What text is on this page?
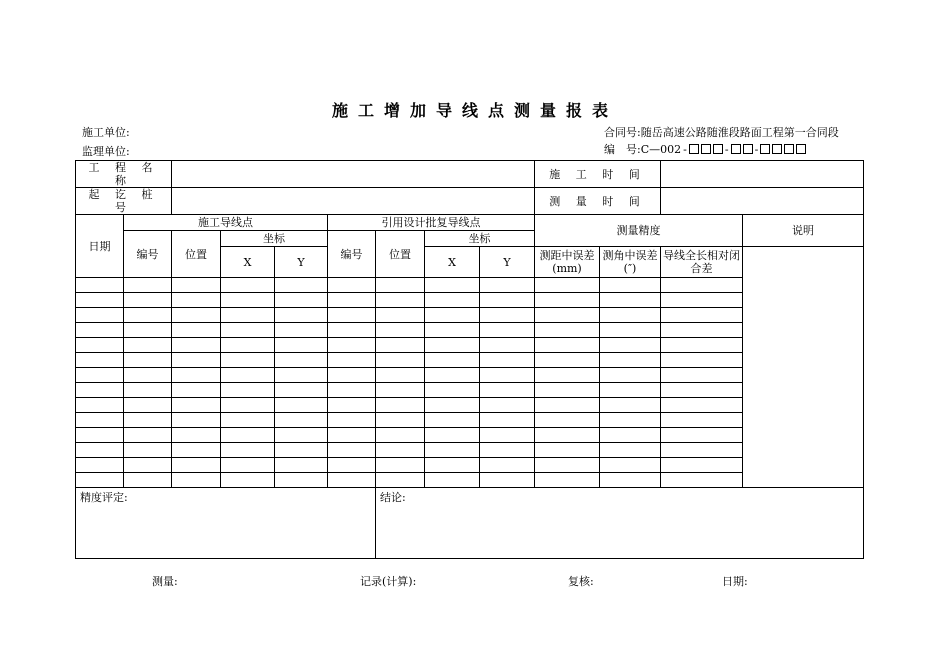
施工增加导线点测量报表
施工单位:
监理单位:
合同号:随岳高速公路随淮段路面工程第一合同段
编　号:C—002 -	- -
工 程 名 称									施 工 时 间			
起 讫 桩 号									测 量 时 间			
日期	施工导线点				引用设计批复导线点				测量精度			说明
	编号	位置	坐标		编号	位置	坐标					
			X	Y			X	Y	测距中误差(mm)	测角中误差(″)	导线全长相对闭合差	

精度评定:						结论:						
测量:	记录(计算):	复核:	日期:
